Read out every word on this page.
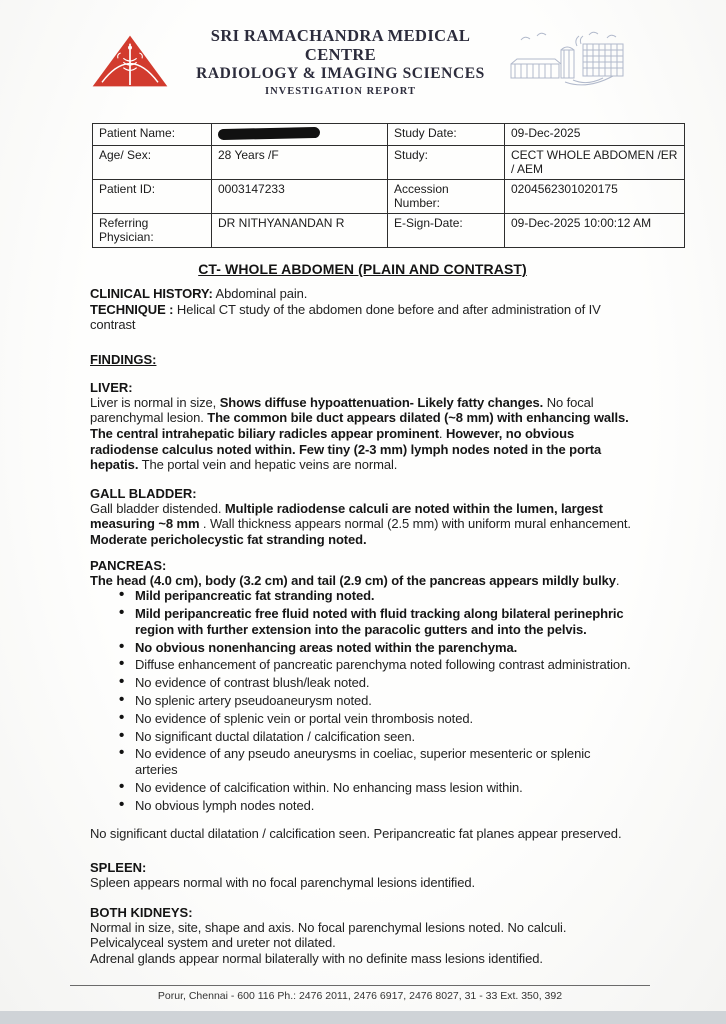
SRI RAMACHANDRA MEDICAL CENTRE
RADIOLOGY & IMAGING SCIENCES
INVESTIGATION REPORT
Patient Name:		Study Date:	09-Dec-2025
Age/ Sex:	28 Years /F	Study:	CECT WHOLE ABDOMEN /ER / AEM
Patient ID:	0003147233	Accession Number:	0204562301020175
Referring Physician:	DR NITHYANANDAN R	E-Sign-Date:	09-Dec-2025 10:00:12 AM
CT- WHOLE ABDOMEN (PLAIN AND CONTRAST)
CLINICAL HISTORY: Abdominal pain.
TECHNIQUE : Helical CT study of the abdomen done before and after administration of IV contrast
FINDINGS:
LIVER:
Liver is normal in size, Shows diffuse hypoattenuation- Likely fatty changes. No focal parenchymal lesion. The common bile duct appears dilated (~8 mm) with enhancing walls. The central intrahepatic biliary radicles appear prominent. However, no obvious radiodense calculus noted within. Few tiny (2-3 mm) lymph nodes noted in the porta hepatis. The portal vein and hepatic veins are normal.
GALL BLADDER:
Gall bladder distended. Multiple radiodense calculi are noted within the lumen, largest measuring ~8 mm . Wall thickness appears normal (2.5 mm) with uniform mural enhancement. Moderate pericholecystic fat stranding noted.
PANCREAS:
The head (4.0 cm), body (3.2 cm) and tail (2.9 cm) of the pancreas appears mildly bulky.
• Mild peripancreatic fat stranding noted.
• Mild peripancreatic free fluid noted with fluid tracking along bilateral perinephric region with further extension into the paracolic gutters and into the pelvis.
• No obvious nonenhancing areas noted within the parenchyma.
• Diffuse enhancement of pancreatic parenchyma noted following contrast administration.
• No evidence of contrast blush/leak noted.
• No splenic artery pseudoaneurysm noted.
• No evidence of splenic vein or portal vein thrombosis noted.
• No significant ductal dilatation / calcification seen.
• No evidence of any pseudo aneurysms in coeliac, superior mesenteric or splenic arteries
• No evidence of calcification within. No enhancing mass lesion within.
• No obvious lymph nodes noted.
No significant ductal dilatation / calcification seen. Peripancreatic fat planes appear preserved.
SPLEEN:
Spleen appears normal with no focal parenchymal lesions identified.
BOTH KIDNEYS:
Normal in size, site, shape and axis. No focal parenchymal lesions noted. No calculi.
Pelvicalyceal system and ureter not dilated.
Adrenal glands appear normal bilaterally with no definite mass lesions identified.
Porur, Chennai - 600 116 Ph.: 2476 2011, 2476 6917, 2476 8027, 31 - 33 Ext. 350, 392
